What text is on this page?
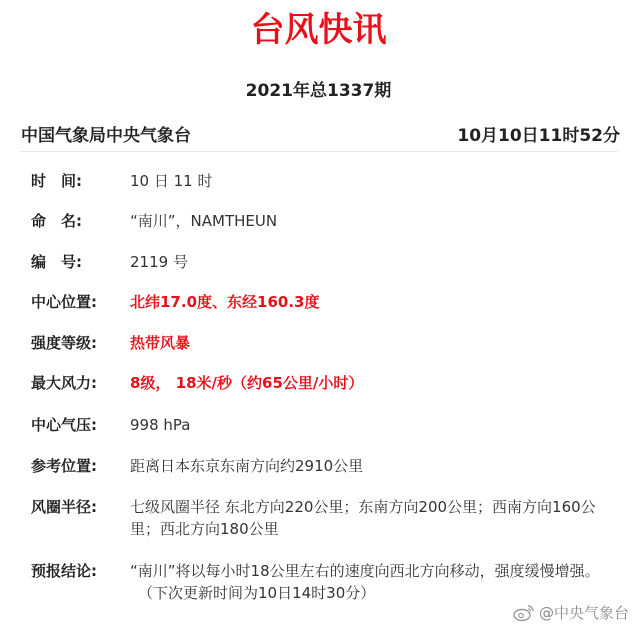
台风快讯
2021年总1337期
中国气象局中央气象台	10月10日11时52分
时　间:	10 日 11 时
命　名:	“南川”，NAMTHEUN
编　号:	2119 号
中心位置:	北纬17.0度、东经160.3度
强度等级:	热带风暴
最大风力:	8级， 18米/秒（约65公里/小时）
中心气压:	998 hPa
参考位置:	距离日本东京东南方向约2910公里
风圈半径:	七级风圈半径 东北方向220公里；东南方向200公里；西南方向160公里；西北方向180公里
预报结论:	“南川”将以每小时18公里左右的速度向西北方向移动，强度缓慢增强。
（下次更新时间为10日14时30分）
@中央气象台
